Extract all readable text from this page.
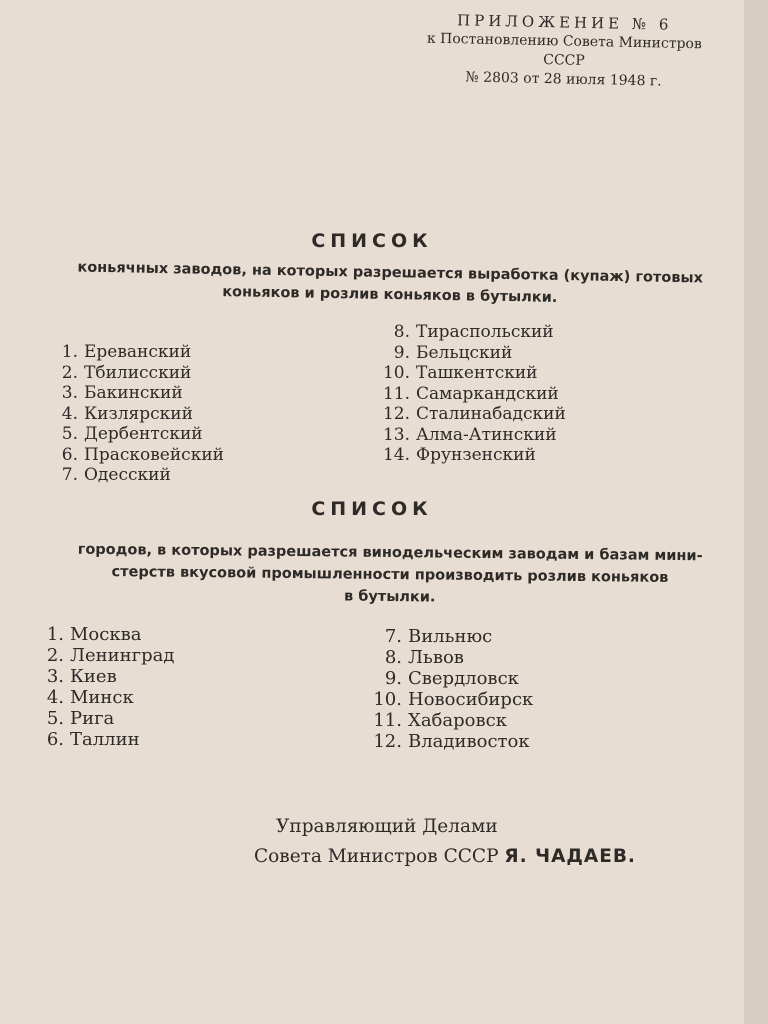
ПРИЛОЖЕНИЕ № 6
к Постановлению Совета Министров
СССР
№ 2803 от 28 июля 1948 г.
СПИСОК
коньячных заводов, на которых разрешается выработка (купаж) готовых
коньяков и розлив коньяков в бутылки.
1. Ереванский
2. Тбилисский
3. Бакинский
4. Кизлярский
5. Дербентский
6. Прасковейский
7. Одесский
8. Тираспольский
9. Бельцский
10. Ташкентский
11. Самаркандский
12. Сталинабадский
13. Алма-Атинский
14. Фрунзенский
СПИСОК
городов, в которых разрешается винодельческим заводам и базам мини-
стерств вкусовой промышленности производить розлив коньяков
в бутылки.
1. Москва
2. Ленинград
3. Киев
4. Минск
5. Рига
6. Таллин
7. Вильнюс
8. Львов
9. Свердловск
10. Новосибирск
11. Хабаровск
12. Владивосток
Управляющий Делами
Совета Министров СССР Я. ЧАДАЕВ.
